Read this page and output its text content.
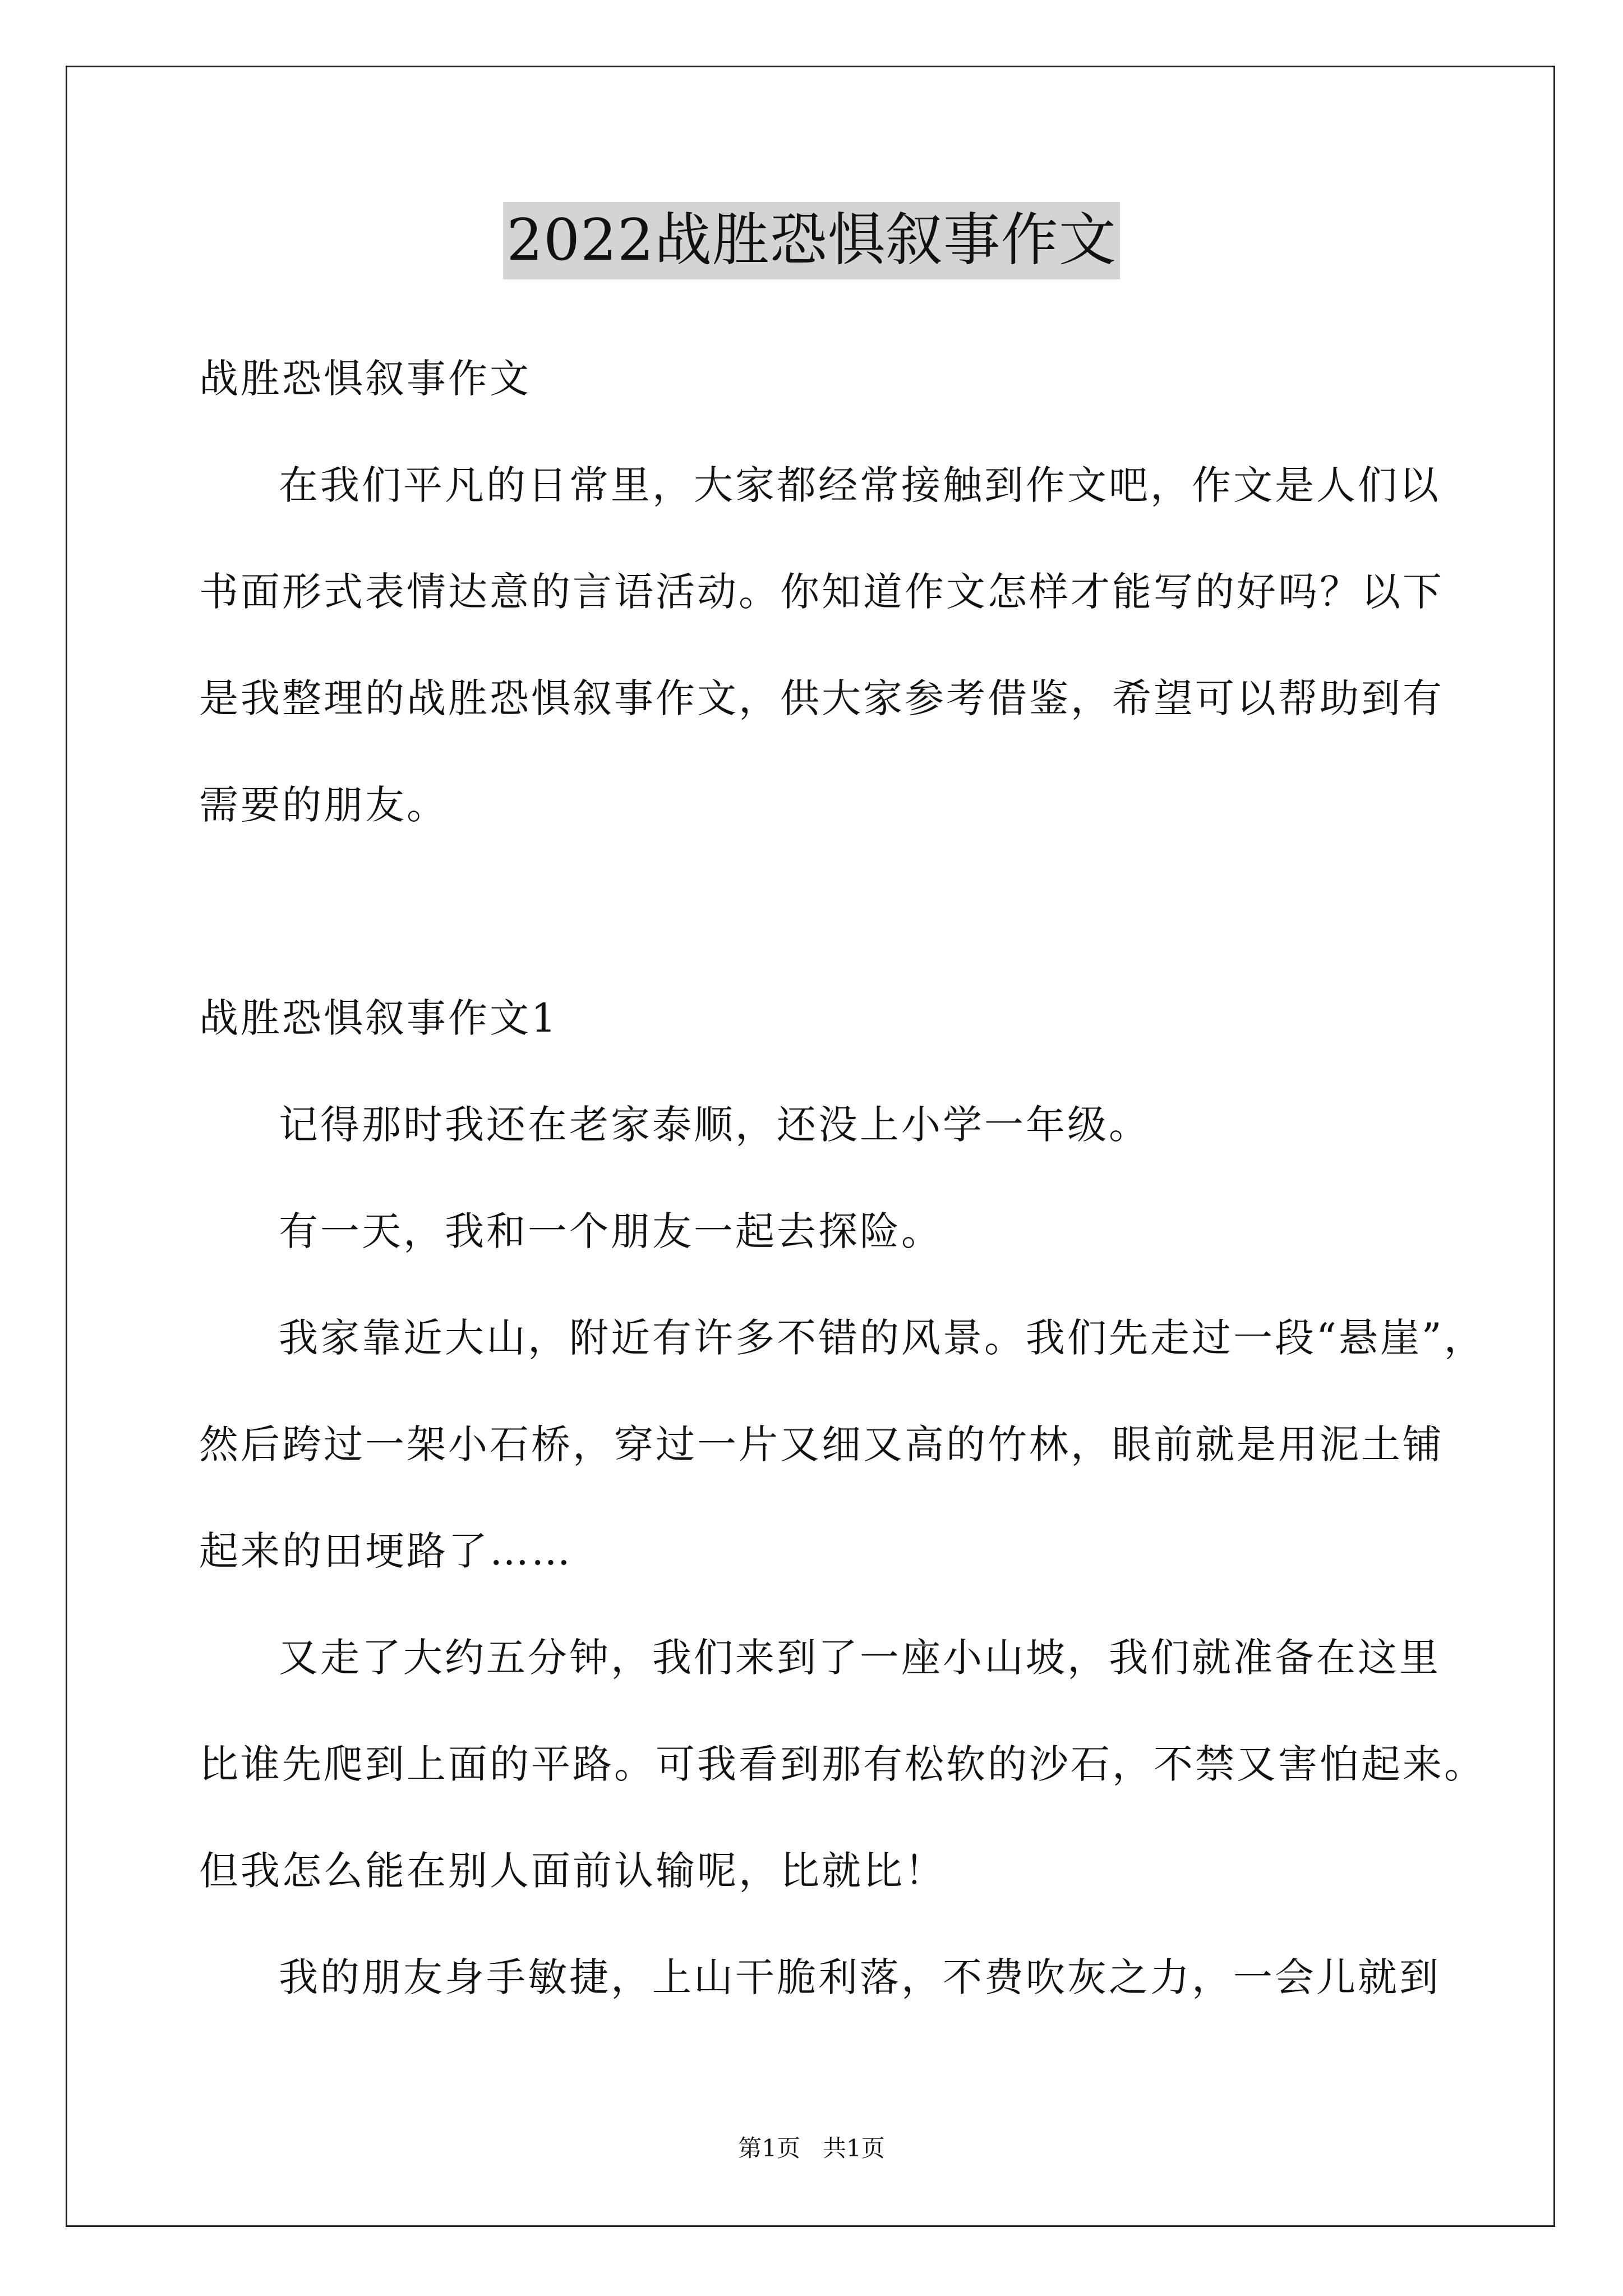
2022战胜恐惧叙事作文
战胜恐惧叙事作文
在我们平凡的日常里，大家都经常接触到作文吧，作文是人们以
书面形式表情达意的言语活动。你知道作文怎样才能写的好吗？以下
是我整理的战胜恐惧叙事作文，供大家参考借鉴，希望可以帮助到有
需要的朋友。
战胜恐惧叙事作文1
记得那时我还在老家泰顺，还没上小学一年级。
有一天，我和一个朋友一起去探险。
我家靠近大山，附近有许多不错的风景。我们先走过一段“悬崖”，
然后跨过一架小石桥，穿过一片又细又高的竹林，眼前就是用泥土铺
起来的田埂路了……
又走了大约五分钟，我们来到了一座小山坡，我们就准备在这里
比谁先爬到上面的平路。可我看到那有松软的沙石，不禁又害怕起来。
但我怎么能在别人面前认输呢，比就比！
我的朋友身手敏捷，上山干脆利落，不费吹灰之力，一会儿就到
第1页   共1页
